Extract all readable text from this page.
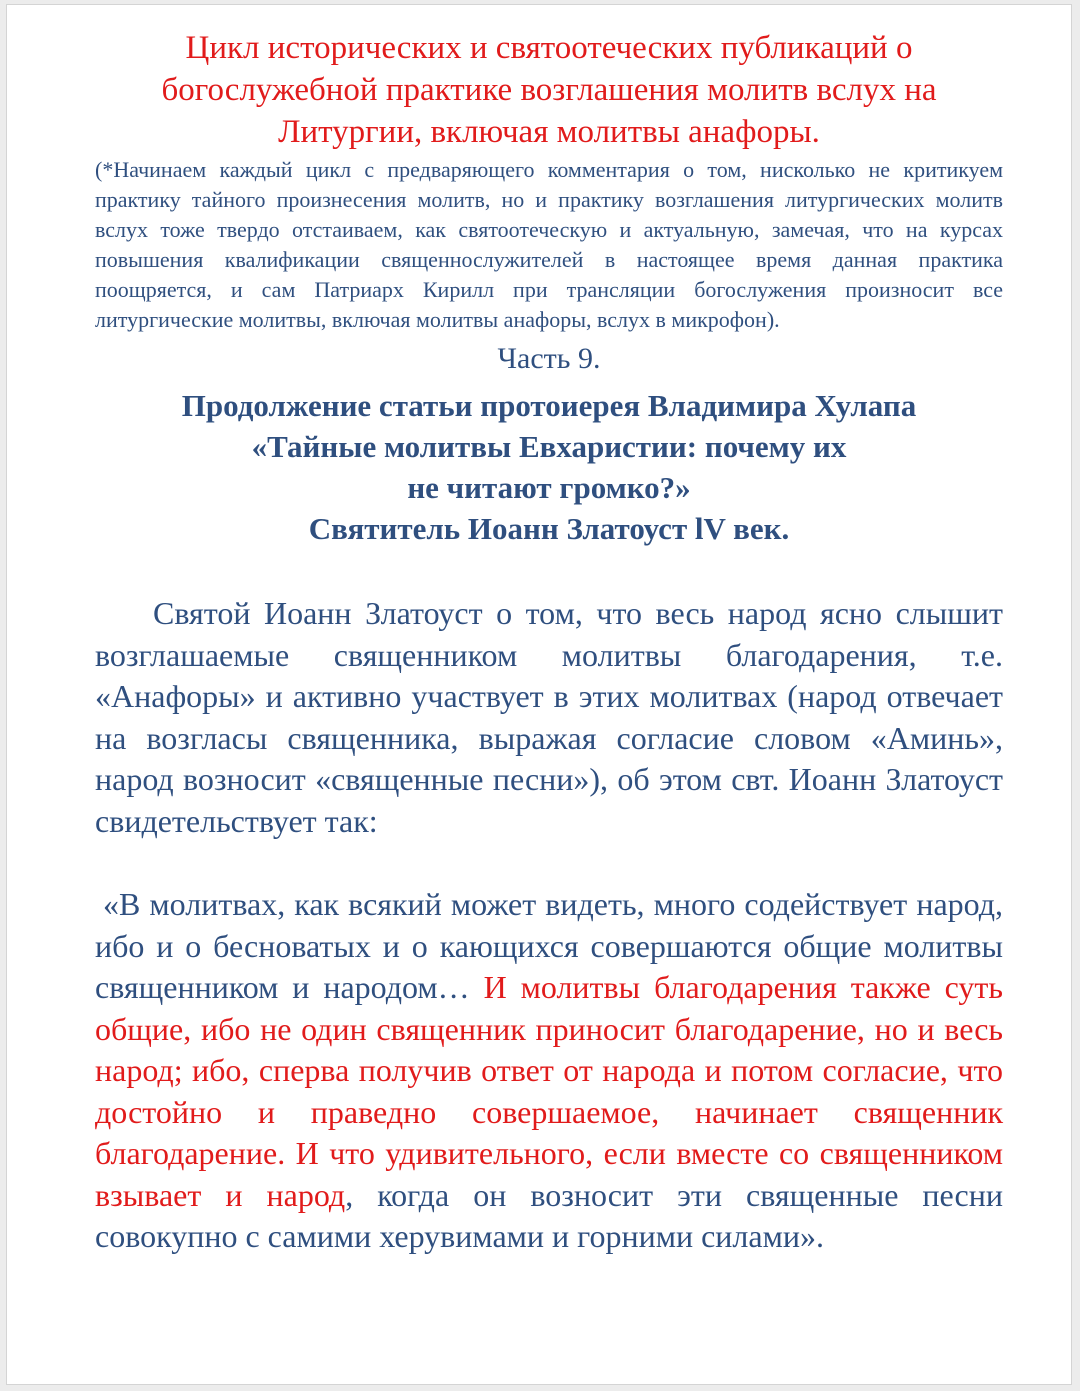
Цикл исторических и святоотеческих публикаций о богослужебной практике возглашения молитв вслух на Литургии, включая молитвы анафоры.

(*Начинаем каждый цикл с предваряющего комментария о том, нисколько не критикуем практику тайного произнесения молитв, но и практику возглашения литургических молитв вслух тоже твердо отстаиваем, как святоотеческую и актуальную, замечая, что на курсах повышения квалификации священнослужителей в настоящее время данная практика поощряется, и сам Патриарх Кирилл при трансляции богослужения произносит все литургические молитвы, включая молитвы анафоры, вслух в микрофон).

Часть 9.

Продолжение статьи протоиерея Владимира Хулапа
«Тайные молитвы Евхаристии: почему их
не читают громко?»
Святитель Иоанн Златоуст lV век.

Святой Иоанн Златоуст о том, что весь народ ясно слышит возглашаемые священником молитвы благодарения, т.е. «Анафоры» и активно участвует в этих молитвах (народ отвечает на возгласы священника, выражая согласие словом «Аминь», народ возносит «священные песни»), об этом свт. Иоанн Златоуст свидетельствует так:

«В молитвах, как всякий может видеть, много содействует народ, ибо и о бесноватых и о кающихся совершаются общие молитвы священником и народом… И молитвы благодарения также суть общие, ибо не один священник приносит благодарение, но и весь народ; ибо, сперва получив ответ от народа и потом согласие, что достойно и праведно совершаемое, начинает священник благодарение. И что удивительного, если вместе со священником взывает и народ, когда он возносит эти священные песни совокупно с самими херувимами и горними силами».
